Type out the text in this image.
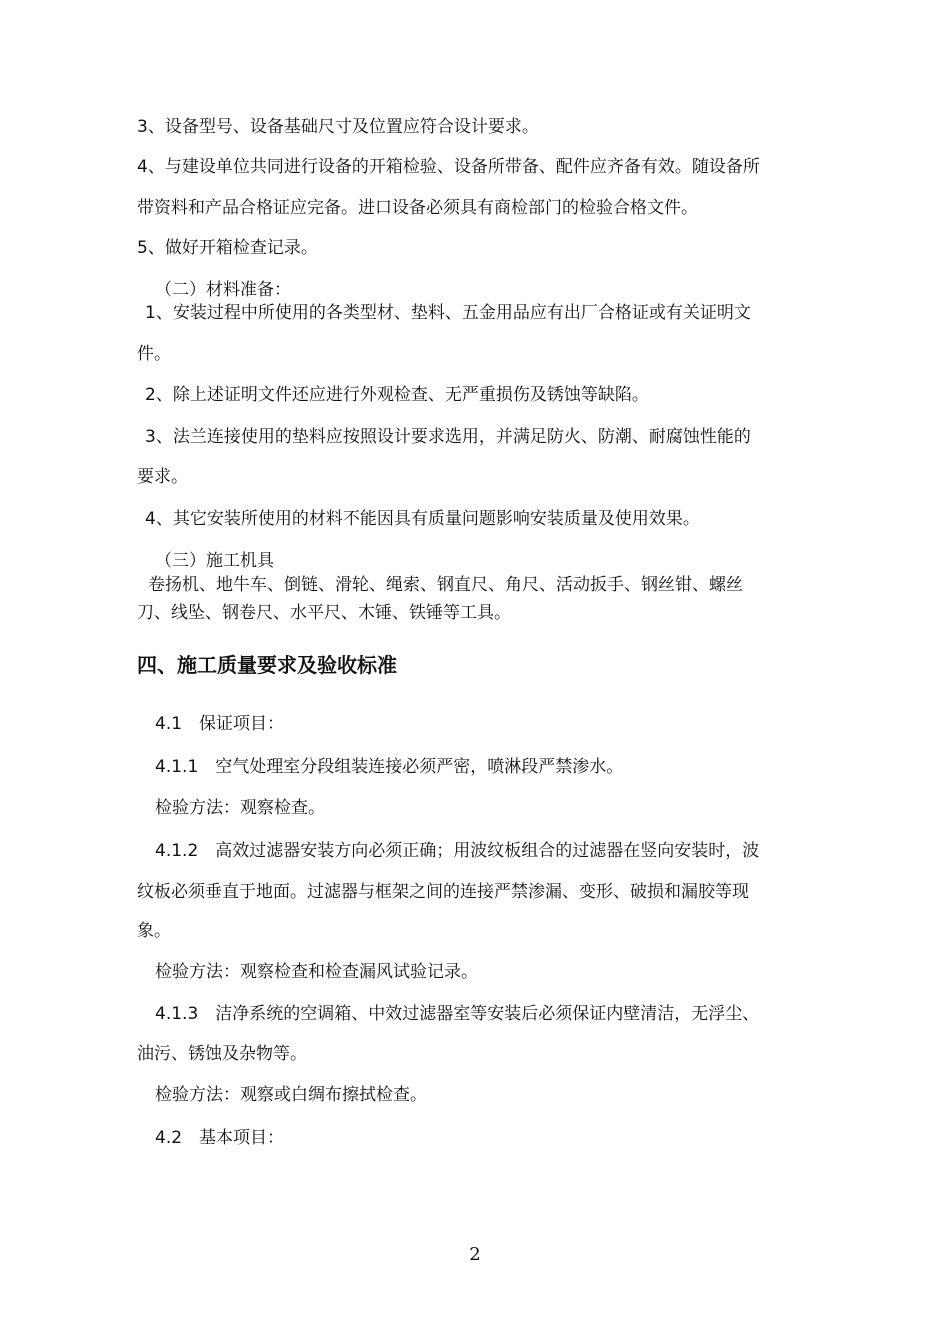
3、设备型号、设备基础尺寸及位置应符合设计要求。
4、与建设单位共同进行设备的开箱检验、设备所带备、配件应齐备有效。随设备所
带资料和产品合格证应完备。进口设备必须具有商检部门的检验合格文件。
5、做好开箱检查记录。
（二）材料准备：
1、安装过程中所使用的各类型材、垫料、五金用品应有出厂合格证或有关证明文
件。
2、除上述证明文件还应进行外观检查、无严重损伤及锈蚀等缺陷。
3、法兰连接使用的垫料应按照设计要求选用，并满足防火、防潮、耐腐蚀性能的
要求。
4、其它安装所使用的材料不能因具有质量问题影响安装质量及使用效果。
（三）施工机具
卷扬机、地牛车、倒链、滑轮、绳索、钢直尺、角尺、活动扳手、钢丝钳、螺丝
刀、线坠、钢卷尺、水平尺、木锤、铁锤等工具。
四、施工质量要求及验收标准
4.1　保证项目：
4.1.1　空气处理室分段组装连接必须严密，喷淋段严禁渗水。
检验方法：观察检查。
4.1.2　高效过滤器安装方向必须正确；用波纹板组合的过滤器在竖向安装时，波
纹板必须垂直于地面。过滤器与框架之间的连接严禁渗漏、变形、破损和漏胶等现
象。
检验方法：观察检查和检查漏风试验记录。
4.1.3　洁净系统的空调箱、中效过滤器室等安装后必须保证内壁清洁，无浮尘、
油污、锈蚀及杂物等。
检验方法：观察或白绸布擦拭检查。
4.2　基本项目：
2
